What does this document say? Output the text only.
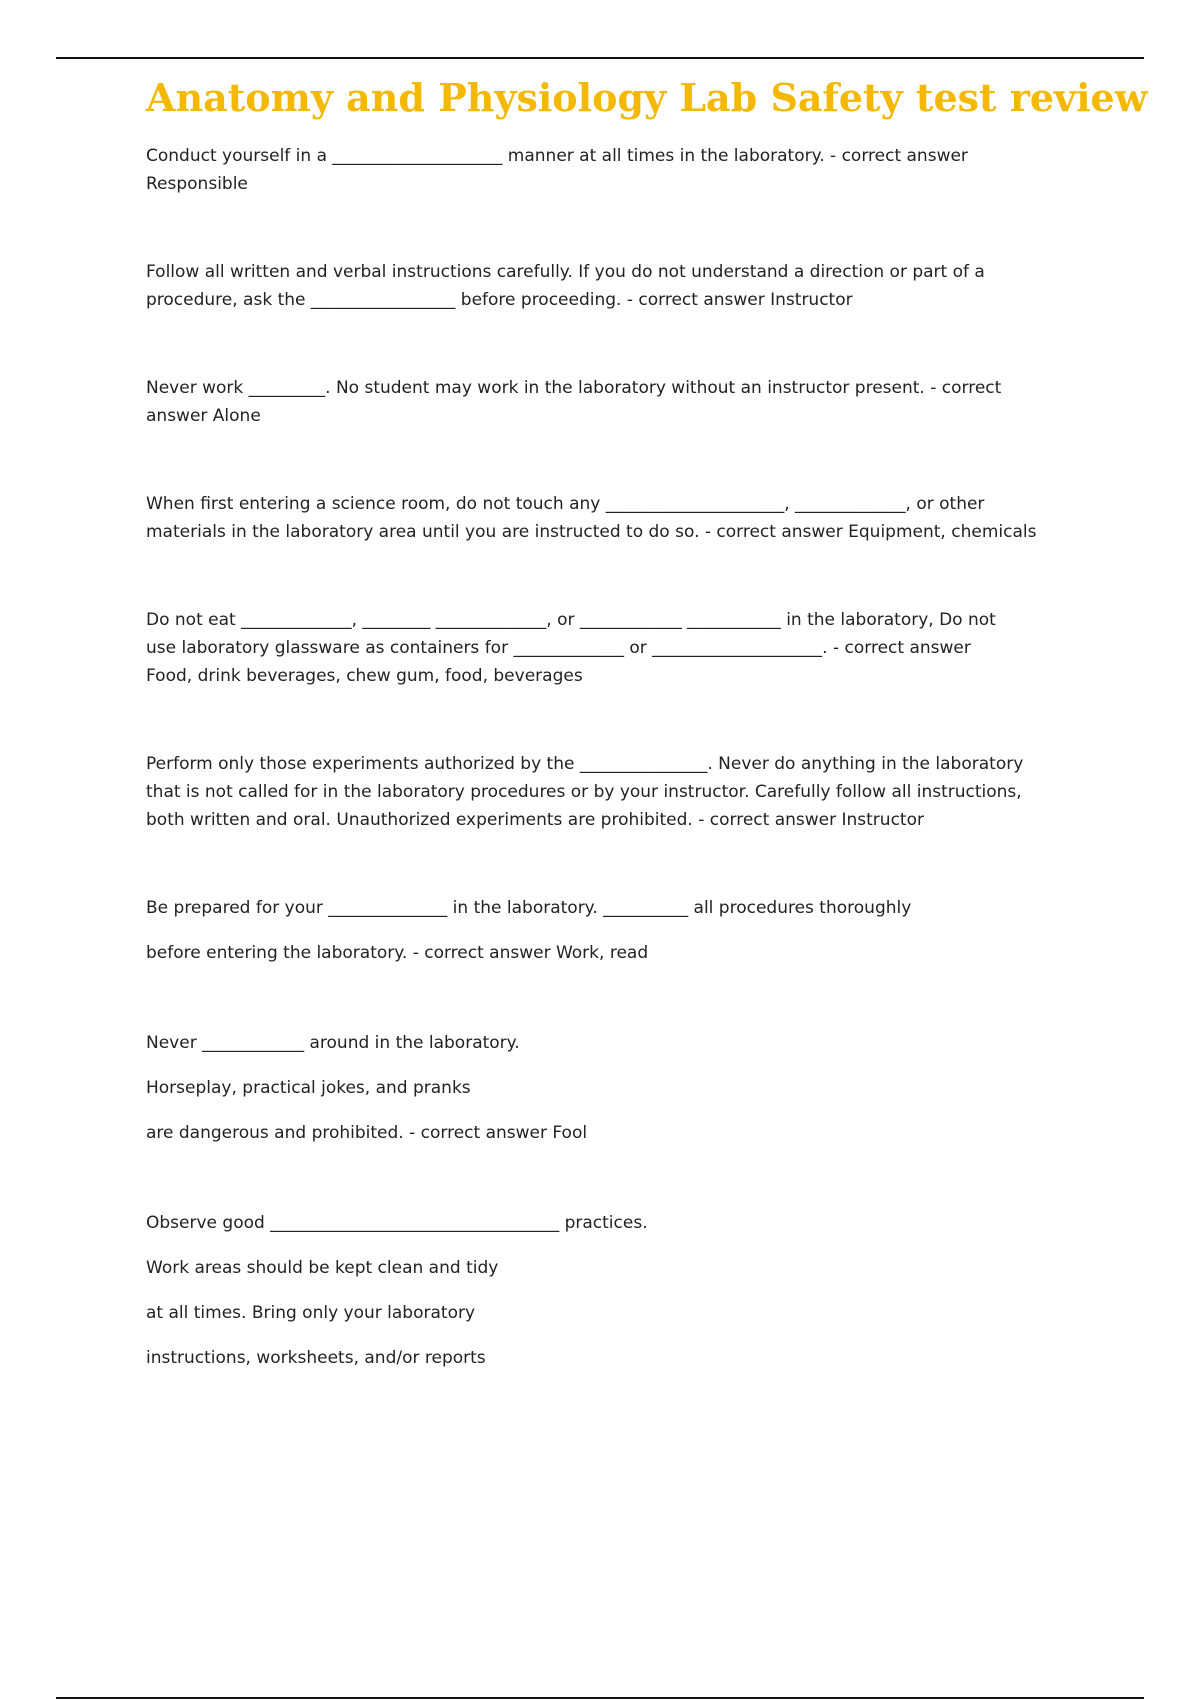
Anatomy and Physiology Lab Safety test review

Conduct yourself in a ____________________ manner at all times in the laboratory. - correct answer

Responsible

Follow all written and verbal instructions carefully. If you do not understand a direction or part of a

procedure, ask the _________________ before proceeding. - correct answer Instructor

Never work _________. No student may work in the laboratory without an instructor present. - correct

answer Alone

When first entering a science room, do not touch any _____________________, _____________, or other

materials in the laboratory area until you are instructed to do so. - correct answer Equipment, chemicals

Do not eat _____________, ________ _____________, or ____________ ___________ in the laboratory, Do not

use laboratory glassware as containers for _____________ or ____________________. - correct answer

Food, drink beverages, chew gum, food, beverages

Perform only those experiments authorized by the _______________. Never do anything in the laboratory

that is not called for in the laboratory procedures or by your instructor. Carefully follow all instructions,

both written and oral. Unauthorized experiments are prohibited. - correct answer Instructor

Be prepared for your ______________ in the laboratory. __________ all procedures thoroughly

before entering the laboratory. - correct answer Work, read

Never ____________ around in the laboratory.

Horseplay, practical jokes, and pranks

are dangerous and prohibited. - correct answer Fool

Observe good __________________________________ practices.

Work areas should be kept clean and tidy

at all times. Bring only your laboratory

instructions, worksheets, and/or reports
